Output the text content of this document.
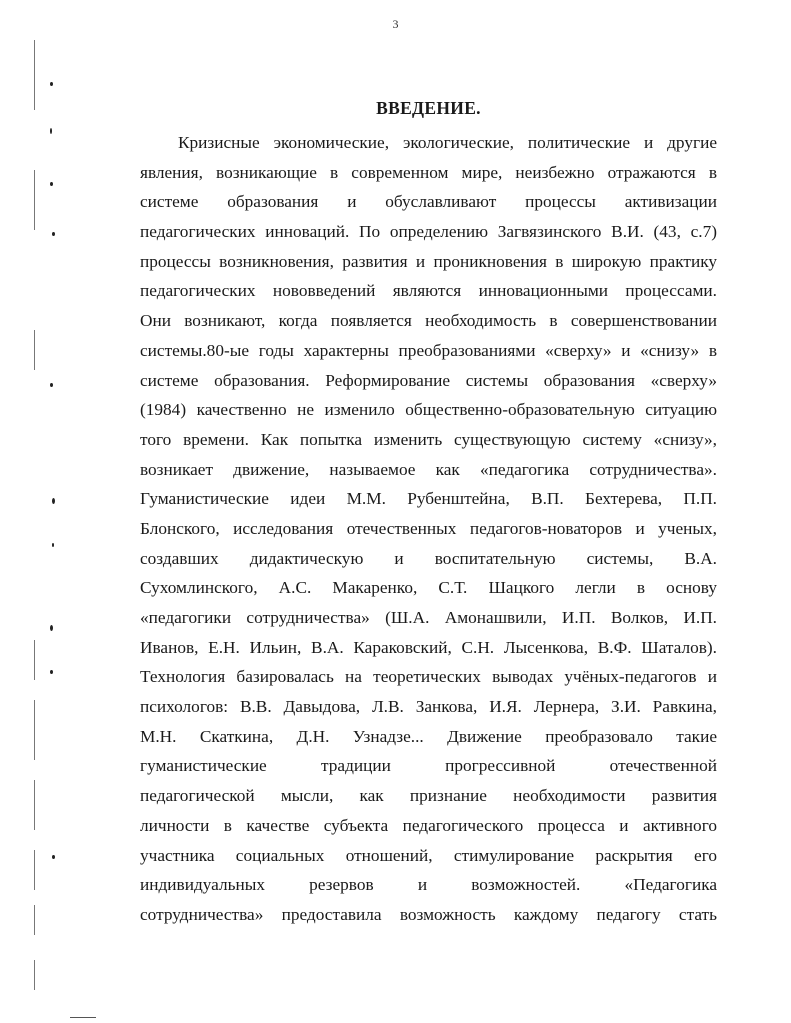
3
ВВЕДЕНИЕ.
Кризисные экономические, экологические, политические и другие
явления, возникающие в современном мире, неизбежно отражаются в
системе образования и обуславливают процессы активизации
педагогических инноваций. По определению Загвязинского В.И. (43, с.7)
процессы возникновения, развития и проникновения в широкую практику
педагогических нововведений являются инновационными процессами.
Они возникают, когда появляется необходимость в совершенствовании
системы.80-ые годы характерны преобразованиями «сверху» и «снизу» в
системе образования. Реформирование системы образования «сверху»
(1984) качественно не изменило общественно-образовательную ситуацию
того времени. Как попытка изменить существующую систему «снизу»,
возникает движение, называемое как «педагогика сотрудничества».
Гуманистические идеи М.М. Рубенштейна, В.П. Бехтерева, П.П.
Блонского, исследования отечественных педагогов-новаторов и ученых,
создавших дидактическую и воспитательную системы, В.А.
Сухомлинского, А.С. Макаренко, С.Т. Шацкого легли в основу
«педагогики сотрудничества» (Ш.А. Амонашвили, И.П. Волков, И.П.
Иванов, Е.Н. Ильин, В.А. Караковский, С.Н. Лысенкова, В.Ф. Шаталов).
Технология базировалась на теоретических выводах учёных-педагогов и
психологов: В.В. Давыдова, Л.В. Занкова, И.Я. Лернера, З.И. Равкина,
М.Н. Скаткина, Д.Н. Узнадзе... Движение преобразовало такие
гуманистические традиции прогрессивной отечественной
педагогической мысли, как признание необходимости развития
личности в качестве субъекта педагогического процесса и активного
участника социальных отношений, стимулирование раскрытия его
индивидуальных резервов и возможностей. «Педагогика
сотрудничества» предоставила возможность каждому педагогу стать
